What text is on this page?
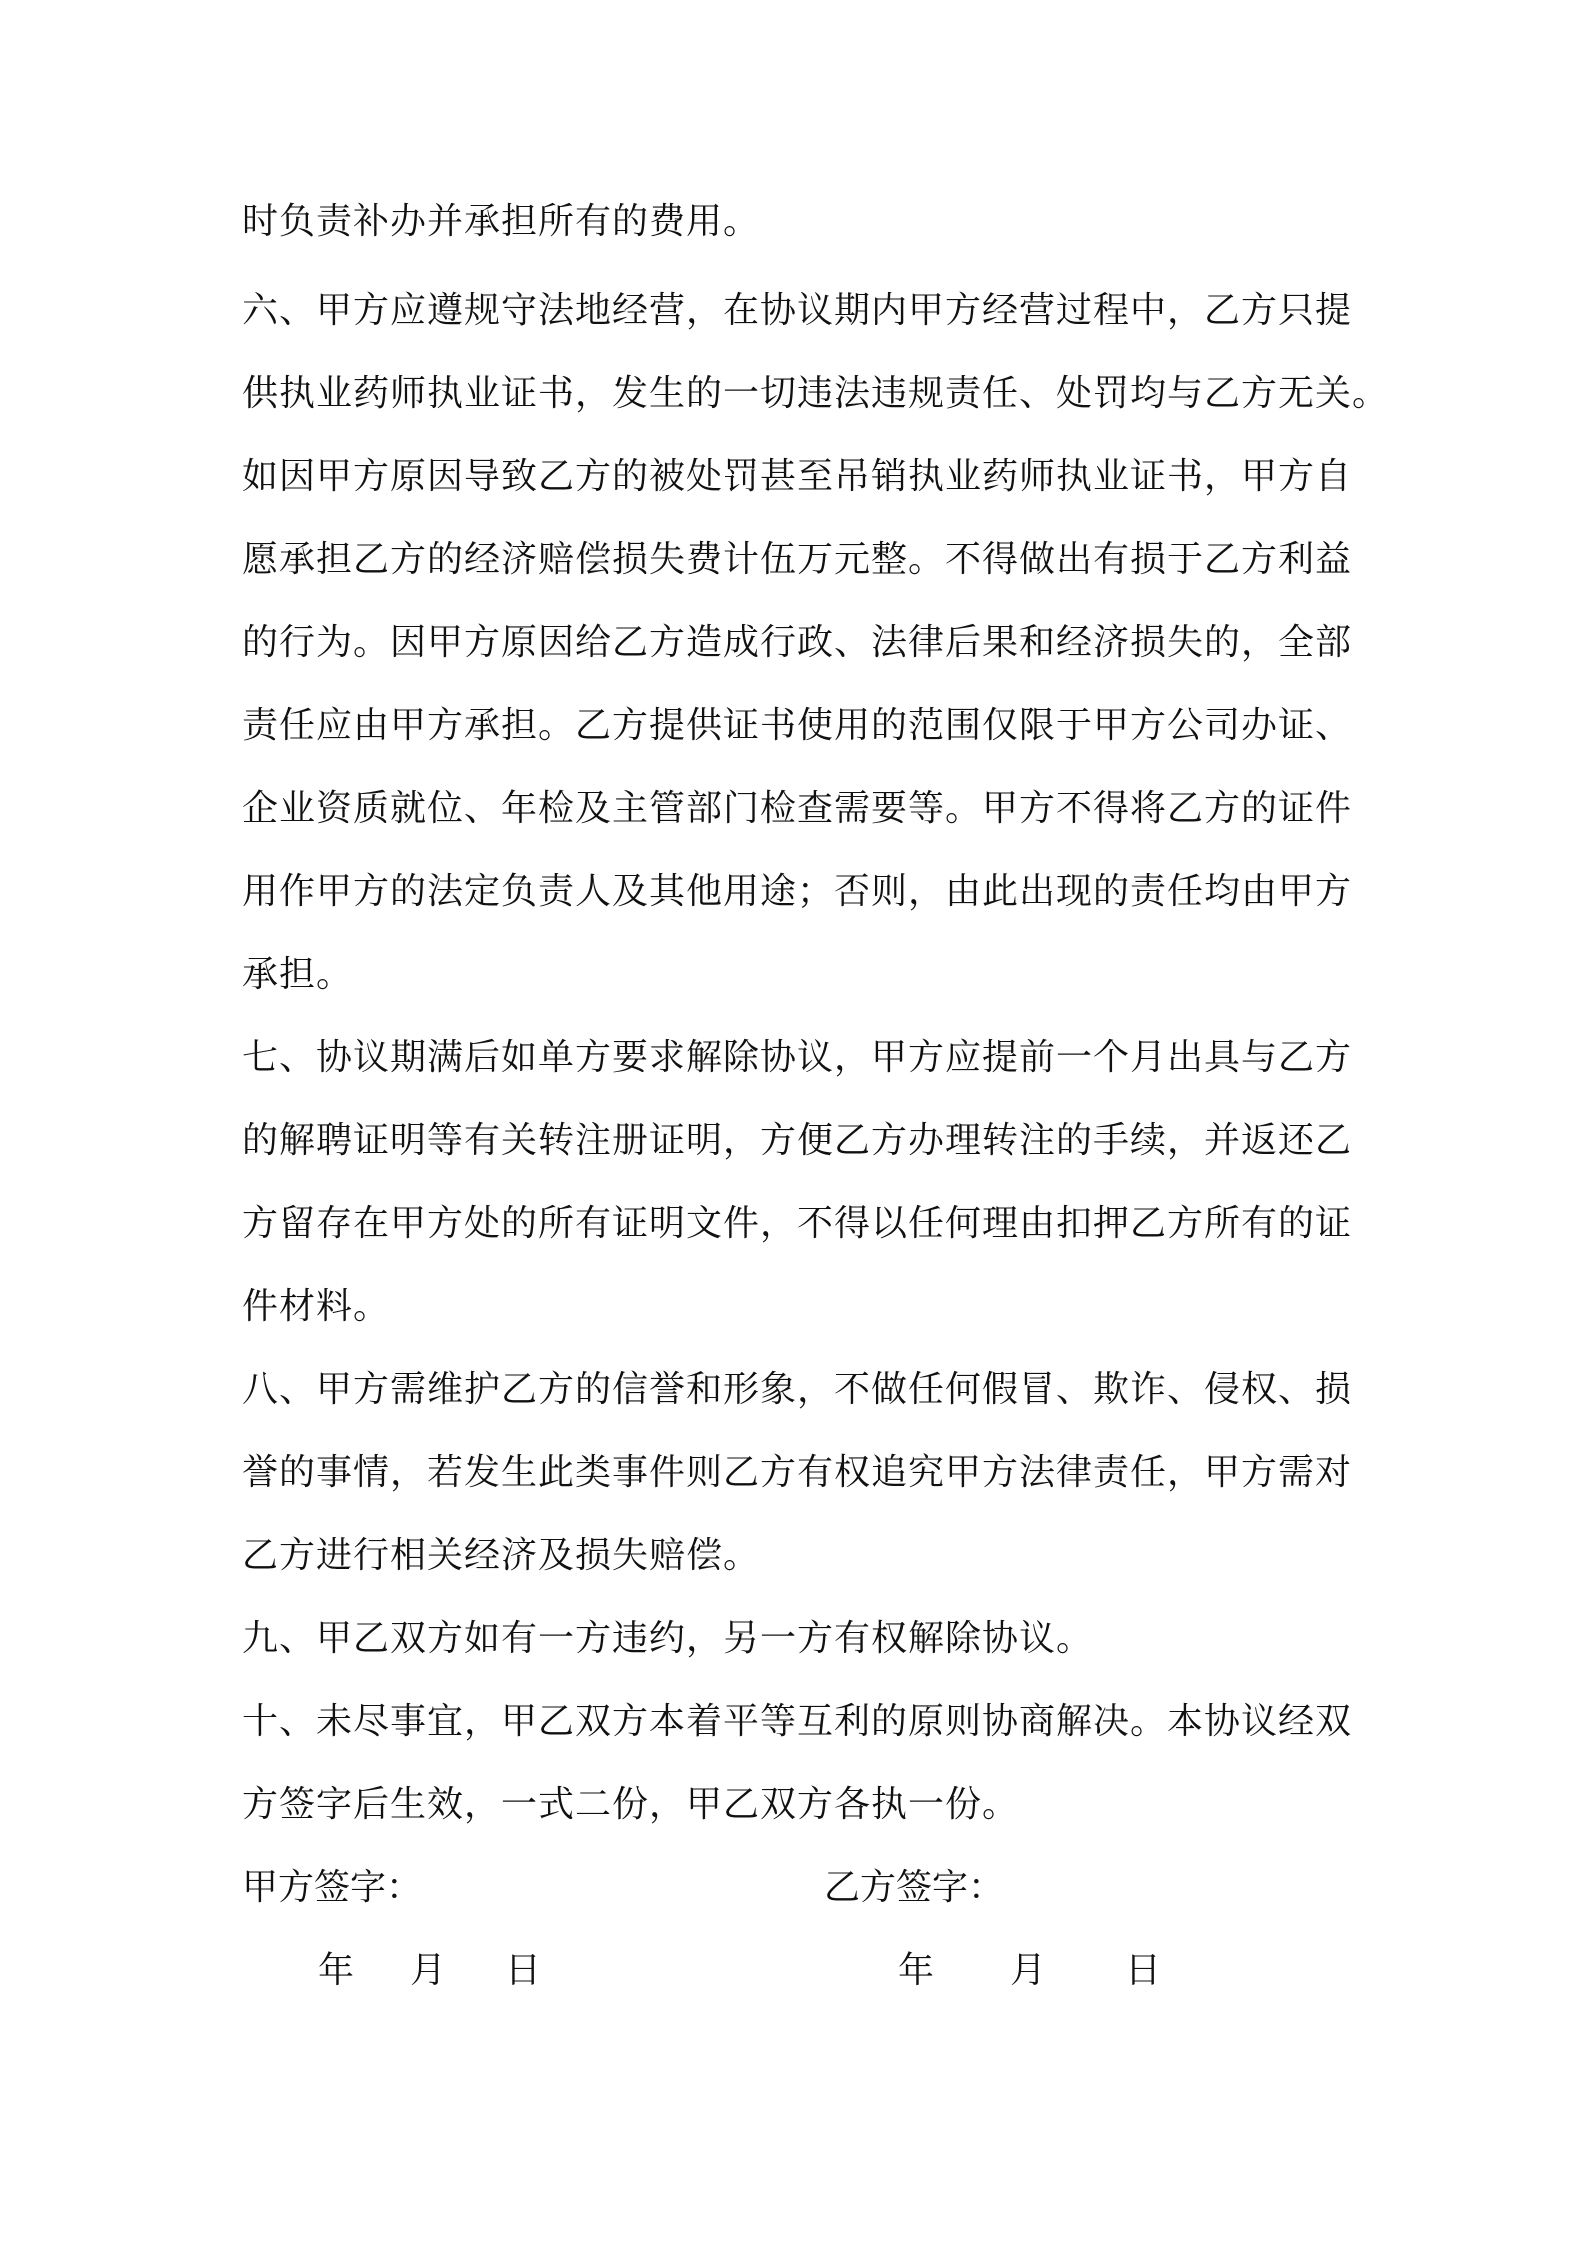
时负责补办并承担所有的费用。
六、甲方应遵规守法地经营，在协议期内甲方经营过程中，乙方只提
供执业药师执业证书，发生的一切违法违规责任、处罚均与乙方无关。
如因甲方原因导致乙方的被处罚甚至吊销执业药师执业证书，甲方自
愿承担乙方的经济赔偿损失费计伍万元整。不得做出有损于乙方利益
的行为。因甲方原因给乙方造成行政、法律后果和经济损失的，全部
责任应由甲方承担。乙方提供证书使用的范围仅限于甲方公司办证、
企业资质就位、年检及主管部门检查需要等。甲方不得将乙方的证件
用作甲方的法定负责人及其他用途；否则，由此出现的责任均由甲方
承担。
七、协议期满后如单方要求解除协议，甲方应提前一个月出具与乙方
的解聘证明等有关转注册证明，方便乙方办理转注的手续，并返还乙
方留存在甲方处的所有证明文件，不得以任何理由扣押乙方所有的证
件材料。
八、甲方需维护乙方的信誉和形象，不做任何假冒、欺诈、侵权、损
誉的事情，若发生此类事件则乙方有权追究甲方法律责任，甲方需对
乙方进行相关经济及损失赔偿。
九、甲乙双方如有一方违约，另一方有权解除协议。
十、未尽事宜，甲乙双方本着平等互利的原则协商解决。本协议经双
方签字后生效，一式二份，甲乙双方各执一份。
甲方签字：	乙方签字：
年 月 日	年 月 日
